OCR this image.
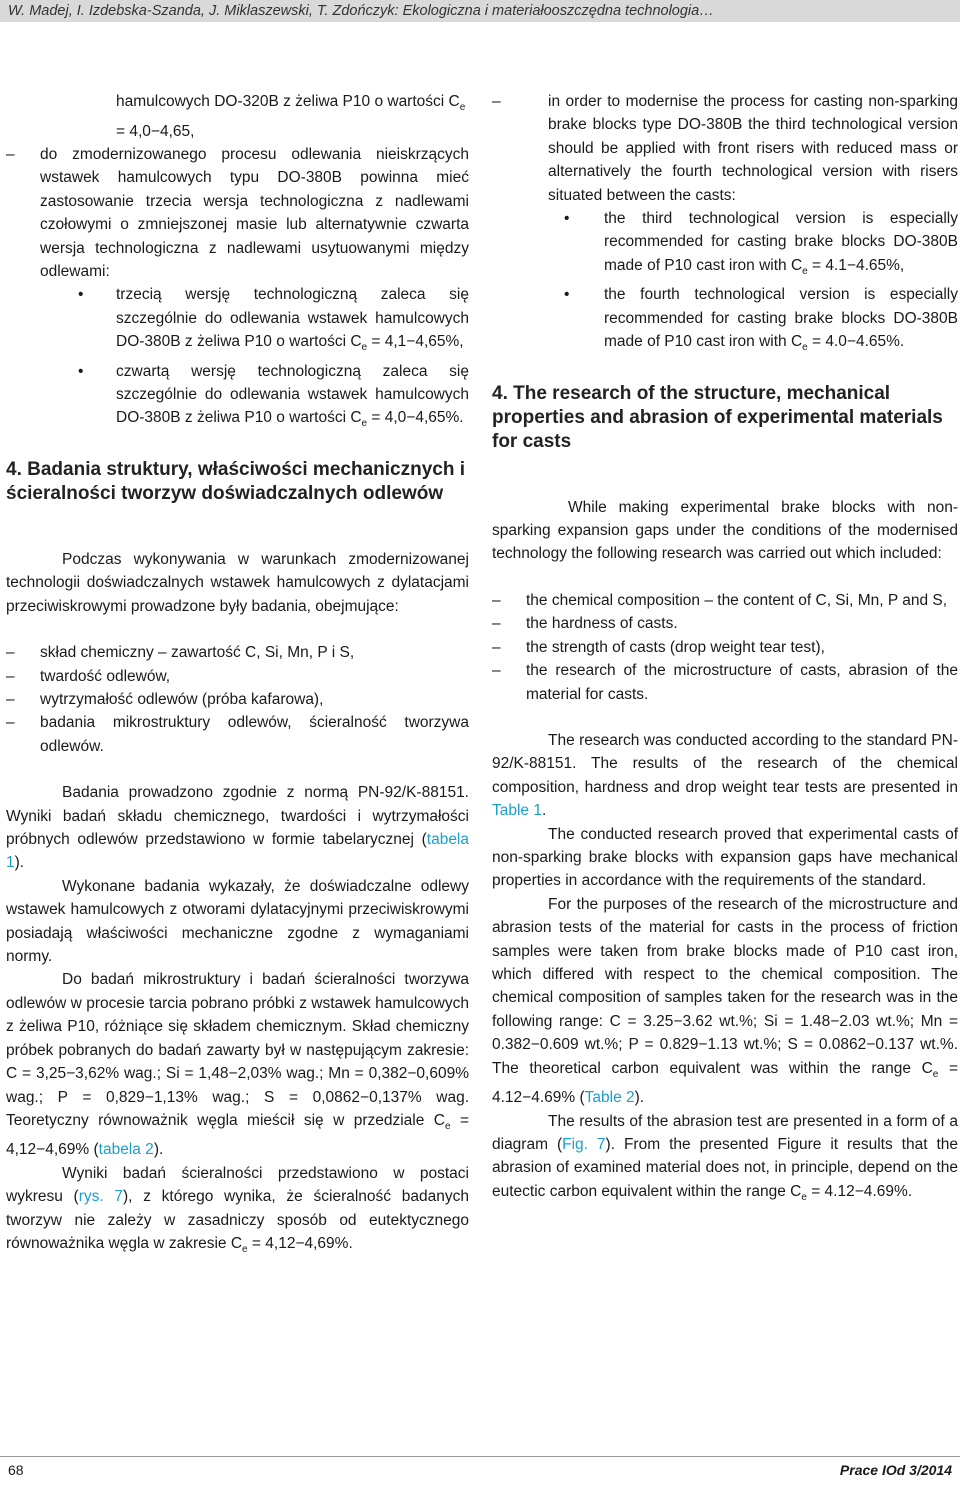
W. Madej, I. Izdebska-Szanda, J. Miklaszewski, T. Zdończyk: Ekologiczna i materiałooszczędna technologia…

hamulcowych DO-320B z żeliwa P10 o wartości $C_e = 4,0-4,65$,

–	do zmodernizowanego procesu odlewania nieiskrzących wstawek hamulcowych typu DO-380B powinna mieć zastosowanie trzecia wersja technologiczna z nadlewami czołowymi o zmniejszonej masie lub alternatywnie czwarta wersja technologiczna z nadlewami usytuowanymi między odlewami:
•	trzecią wersję technologiczną zaleca się szczególnie do odlewania wstawek hamulcowych DO-380B z żeliwa P10 o wartości $C_e = 4,1-4,65\%$,
•	czwartą wersję technologiczną zaleca się szczególnie do odlewania wstawek hamulcowych DO-380B z żeliwa P10 o wartości $C_e = 4,0-4,65\%$.
4. Badania struktury, właściwości mechanicznych i ścieralności tworzyw doświadczalnych odlewów

Podczas wykonywania w warunkach zmodernizowanej technologii doświadczalnych wstawek hamulcowych z dylatacjami przeciwiskrowymi prowadzone były badania, obejmujące:

–	skład chemiczny – zawartość C, Si, Mn, P i S,
–	twardość odlewów,
–	wytrzymałość odlewów (próba kafarowa),
–	badania mikrostruktury odlewów, ścieralność tworzywa odlewów.

Badania prowadzono zgodnie z normą PN-92/K-88151. Wyniki badań składu chemicznego, twardości i wytrzymałości próbnych odlewów przedstawiono w formie tabelarycznej (tabela 1).

Wykonane badania wykazały, że doświadczalne odlewy wstawek hamulcowych z otworami dylatacyjnymi przeciwiskrowymi posiadają właściwości mechaniczne zgodne z wymaganiami normy.

Do badań mikrostruktury i badań ścieralności tworzywa odlewów w procesie tarcia pobrano próbki z wstawek hamulcowych z żeliwa P10, różniące się składem chemicznym. Skład chemiczny próbek pobranych do badań zawarty był w następującym zakresie: C = 3,25−3,62% wag.; Si = 1,48−2,03% wag.; Mn = 0,382−0,609% wag.; P = 0,829−1,13% wag.; S = 0,0862−0,137% wag. Teoretyczny równoważnik węgla mieścił się w przedziale $C_e = 4,12-4,69\%$ (tabela 2).

Wyniki badań ścieralności przedstawiono w postaci wykresu (rys. 7), z którego wynika, że ścieralność badanych tworzyw nie zależy w zasadniczy sposób od eutektycznego równoważnika węgla w zakresie $C_e = 4,12-4,69\%$.

–	in order to modernise the process for casting non-sparking brake blocks type DO-380B the third technological version should be applied with front risers with reduced mass or alternatively the fourth technological version with risers situated between the casts:
•	the third technological version is especially recommended for casting brake blocks DO-380B made of P10 cast iron with $C_e = 4.1-4.65\%$,
•	the fourth technological version is especially recommended for casting brake blocks DO-380B made of P10 cast iron with $C_e = 4.0-4.65\%$.
4. The research of the structure, mechanical properties and abrasion of experimental materials for casts

While making experimental brake blocks with non-sparking expansion gaps under the conditions of the modernised technology the following research was carried out which included:

–	the chemical composition – the content of C, Si, Mn, P and S,
–	the hardness of casts.
–	the strength of casts (drop weight tear test),
–	the research of the microstructure of casts, abrasion of the material for casts.

The research was conducted according to the standard PN-92/K-88151. The results of the research of the chemical composition, hardness and drop weight tear tests are presented in Table 1.

The conducted research proved that experimental casts of non-sparking brake blocks with expansion gaps have mechanical properties in accordance with the requirements of the standard.

For the purposes of the research of the microstructure and abrasion tests of the material for casts in the process of friction samples were taken from brake blocks made of P10 cast iron, which differed with respect to the chemical composition. The chemical composition of samples taken for the research was in the following range: C = 3.25−3.62 wt.%; Si = 1.48−2.03 wt.%; Mn = 0.382−0.609 wt.%; P = 0.829−1.13 wt.%; S = 0.0862−0.137 wt.%. The theoretical carbon equivalent was within the range $C_e = 4.12-4.69\%$ (Table 2).

The results of the abrasion test are presented in a form of a diagram (Fig. 7). From the presented Figure it results that the abrasion of examined material does not, in principle, depend on the eutectic carbon equivalent within the range $C_e = 4.12-4.69\%$.

68	Prace IOd 3/2014
